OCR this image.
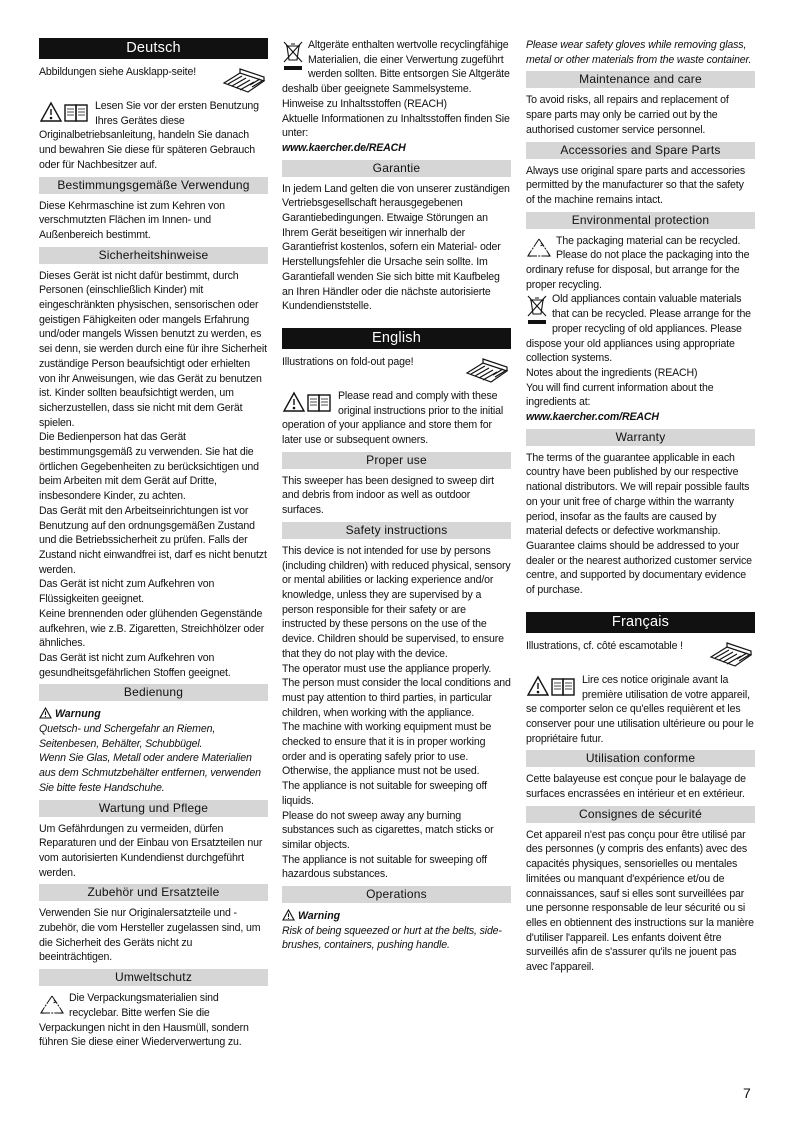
Deutsch

Abbildungen siehe Ausklapp-seite!

Lesen Sie vor der ersten Benutzung Ihres Gerätes diese Originalbetriebsanleitung, handeln Sie danach und bewahren Sie diese für späteren Gebrauch oder für Nachbesitzer auf.

Bestimmungsgemäße Verwendung

Diese Kehrmaschine ist zum Kehren von verschmutzten Flächen im Innen- und Außenbereich bestimmt.

Sicherheitshinweise

Dieses Gerät ist nicht dafür bestimmt, durch Personen (einschließlich Kinder) mit eingeschränkten physischen, sensorischen oder geistigen Fähigkeiten oder mangels Erfahrung und/oder mangels Wissen benutzt zu werden, es sei denn, sie werden durch eine für ihre Sicherheit zuständige Person beaufsichtigt oder erhielten von ihr Anweisungen, wie das Gerät zu benutzen ist. Kinder sollten beaufsichtigt werden, um sicherzustellen, dass sie nicht mit dem Gerät spielen.

Die Bedienperson hat das Gerät bestimmungsgemäß zu verwenden. Sie hat die örtlichen Gegebenheiten zu berücksichtigen und beim Arbeiten mit dem Gerät auf Dritte, insbesondere Kinder, zu achten.

Das Gerät mit den Arbeitseinrichtungen ist vor Benutzung auf den ordnungsgemäßen Zustand und die Betriebssicherheit zu prüfen. Falls der Zustand nicht einwandfrei ist, darf es nicht benutzt werden.

Das Gerät ist nicht zum Aufkehren von Flüssigkeiten geeignet.

Keine brennenden oder glühenden Gegenstände aufkehren, wie z.B. Zigaretten, Streichhölzer oder ähnliches.

Das Gerät ist nicht zum Aufkehren von gesundheitsgefährlichen Stoffen geeignet.

Bedienung
Warnung

Quetsch- und Schergefahr an Riemen, Seitenbesen, Behälter, Schubbügel.

Wenn Sie Glas, Metall oder andere Materialien aus dem Schmutzbehälter entfernen, verwenden Sie bitte feste Handschuhe.

Wartung und Pflege

Um Gefährdungen zu vermeiden, dürfen Reparaturen und der Einbau von Ersatzteilen nur vom autorisierten Kundendienst durchgeführt werden.

Zubehör und Ersatzteile

Verwenden Sie nur Originalersatzteile und -zubehör, die vom Hersteller zugelassen sind, um die Sicherheit des Geräts nicht zu beeinträchtigen.

Umweltschutz

Die Verpackungsmaterialien sind recyclebar. Bitte werfen Sie die Verpackungen nicht in den Hausmüll, sondern führen Sie diese einer Wiederverwertung zu.

Altgeräte enthalten wertvolle recyclingfähige Materialien, die einer Verwertung zugeführt werden sollten. Bitte entsorgen Sie Altgeräte deshalb über geeignete Sammelsysteme.

Hinweise zu Inhaltsstoffen (REACH)

Aktuelle Informationen zu Inhaltsstoffen finden Sie unter:

www.kaercher.de/REACH

Garantie

In jedem Land gelten die von unserer zuständigen Vertriebsgesellschaft herausgegebenen Garantiebedingungen. Etwaige Störungen an Ihrem Gerät beseitigen wir innerhalb der Garantiefrist kostenlos, sofern ein Material- oder Herstellungsfehler die Ursache sein sollte. Im Garantiefall wenden Sie sich bitte mit Kaufbeleg an Ihren Händler oder die nächste autorisierte Kundendienststelle.

English

Illustrations on fold-out page!

Please read and comply with these original instructions prior to the initial operation of your appliance and store them for later use or subsequent owners.

Proper use

This sweeper has been designed to sweep dirt and debris from indoor as well as outdoor surfaces.

Safety instructions

This device is not intended for use by persons (including children) with reduced physical, sensory or mental abilities or lacking experience and/or knowledge, unless they are supervised by a person responsible for their safety or are instructed by these persons on the use of the device. Children should be supervised, to ensure that they do not play with the device.

The operator must use the appliance properly. The person must consider the local conditions and must pay attention to third parties, in particular children, when working with the appliance.

The machine with working equipment must be checked to ensure that it is in proper working order and is operating safely prior to use. Otherwise, the appliance must not be used.

The appliance is not suitable for sweeping off liquids.

Please do not sweep away any burning substances such as cigarettes, match sticks or similar objects.

The appliance is not suitable for sweeping off hazardous substances.

Operations
Warning

Risk of being squeezed or hurt at the belts, side-brushes, containers, pushing handle.

Please wear safety gloves while removing glass, metal or other materials from the waste container.

Maintenance and care

To avoid risks, all repairs and replacement of spare parts may only be carried out by the authorised customer service personnel.

Accessories and Spare Parts

Always use original spare parts and accessories permitted by the manufacturer so that the safety of the machine remains intact.

Environmental protection

The packaging material can be recycled. Please do not place the packaging into the ordinary refuse for disposal, but arrange for the proper recycling.

Old appliances contain valuable materials that can be recycled. Please arrange for the proper recycling of old appliances. Please dispose your old appliances using appropriate collection systems.

Notes about the ingredients (REACH)

You will find current information about the ingredients at:

www.kaercher.com/REACH

Warranty

The terms of the guarantee applicable in each country have been published by our respective national distributors. We will repair possible faults on your unit free of charge within the warranty period, insofar as the faults are caused by material defects or defective workmanship. Guarantee claims should be addressed to your dealer or the nearest authorized customer service centre, and supported by documentary evidence of purchase.

Français

Illustrations, cf. côté escamotable !

Lire ces notice originale avant la première utilisation de votre appareil, se comporter selon ce qu'elles requièrent et les conserver pour une utilisation ultérieure ou pour le propriétaire futur.

Utilisation conforme

Cette balayeuse est conçue pour le balayage de surfaces encrassées en intérieur et en extérieur.

Consignes de sécurité

Cet appareil n'est pas conçu pour être utilisé par des personnes (y compris des enfants) avec des capacités physiques, sensorielles ou mentales limitées ou manquant d'expérience et/ou de connaissances, sauf si elles sont surveillées par une personne responsable de leur sécurité ou si elles en obtiennent des instructions sur la manière d'utiliser l'appareil. Les enfants doivent être surveillés afin de s'assurer qu'ils ne jouent pas avec l'appareil.

7
